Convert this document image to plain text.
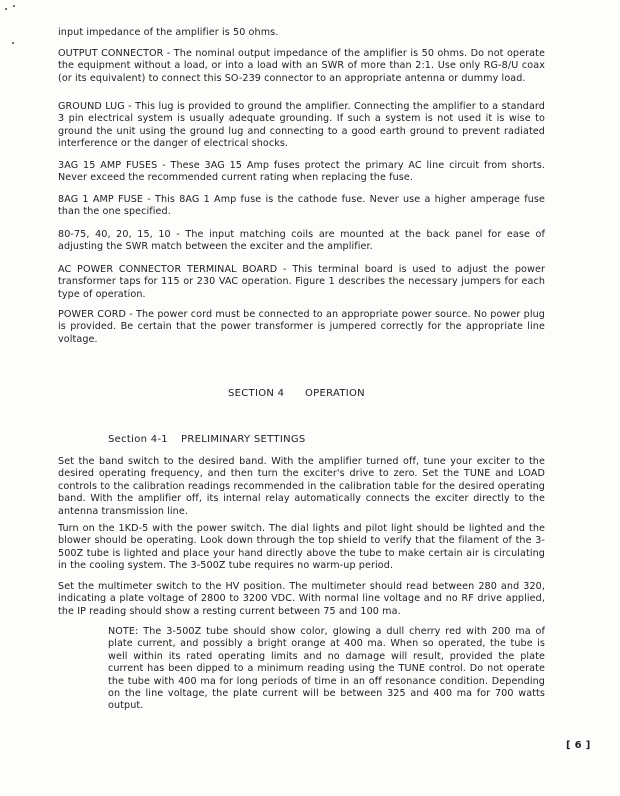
input impedance of the amplifier is 50 ohms.

OUTPUT CONNECTOR - The nominal output impedance of the amplifier is 50 ohms. Do not operate the equipment without a load, or into a load with an SWR of more than 2:1. Use only RG-8/U coax (or its equivalent) to connect this SO-239 connector to an appropriate antenna or dummy load.

GROUND LUG - This lug is provided to ground the amplifier. Connecting the amplifier to a standard 3 pin electrical system is usually adequate grounding. If such a system is not used it is wise to ground the unit using the ground lug and connecting to a good earth ground to prevent radiated interference or the danger of electrical shocks.

3AG 15 AMP FUSES - These 3AG 15 Amp fuses protect the primary AC line circuit from shorts. Never exceed the recommended current rating when replacing the fuse.

8AG 1 AMP FUSE - This 8AG 1 Amp fuse is the cathode fuse. Never use a higher amperage fuse than the one specified.

80-75, 40, 20, 15, 10 - The input matching coils are mounted at the back panel for ease of adjusting the SWR match between the exciter and the amplifier.

AC POWER CONNECTOR TERMINAL BOARD - This terminal board is used to adjust the power transformer taps for 115 or 230 VAC operation. Figure 1 describes the necessary jumpers for each type of operation.

POWER CORD - The power cord must be connected to an appropriate power source. No power plug is provided. Be certain that the power transformer is jumpered correctly for the appropriate line voltage.

SECTION 4 OPERATION
Section 4-1 PRELIMINARY SETTINGS

Set the band switch to the desired band. With the amplifier turned off, tune your exciter to the desired operating frequency, and then turn the exciter's drive to zero. Set the TUNE and LOAD controls to the calibration readings recommended in the calibration table for the desired operating band. With the amplifier off, its internal relay automatically connects the exciter directly to the antenna transmission line.

Turn on the 1KD-5 with the power switch. The dial lights and pilot light should be lighted and the blower should be operating. Look down through the top shield to verify that the filament of the 3-500Z tube is lighted and place your hand directly above the tube to make certain air is circulating in the cooling system. The 3-500Z tube requires no warm-up period.

Set the multimeter switch to the HV position. The multimeter should read between 280 and 320, indicating a plate voltage of 2800 to 3200 VDC. With normal line voltage and no RF drive applied, the IP reading should show a resting current between 75 and 100 ma.

NOTE: The 3-500Z tube should show color, glowing a dull cherry red with 200 ma of plate current, and possibly a bright orange at 400 ma. When so operated, the tube is well within its rated operating limits and no damage will result, provided the plate current has been dipped to a minimum reading using the TUNE control. Do not operate the tube with 400 ma for long periods of time in an off resonance condition. Depending on the line voltage, the plate current will be between 325 and 400 ma for 700 watts output.

[ 6 ]
